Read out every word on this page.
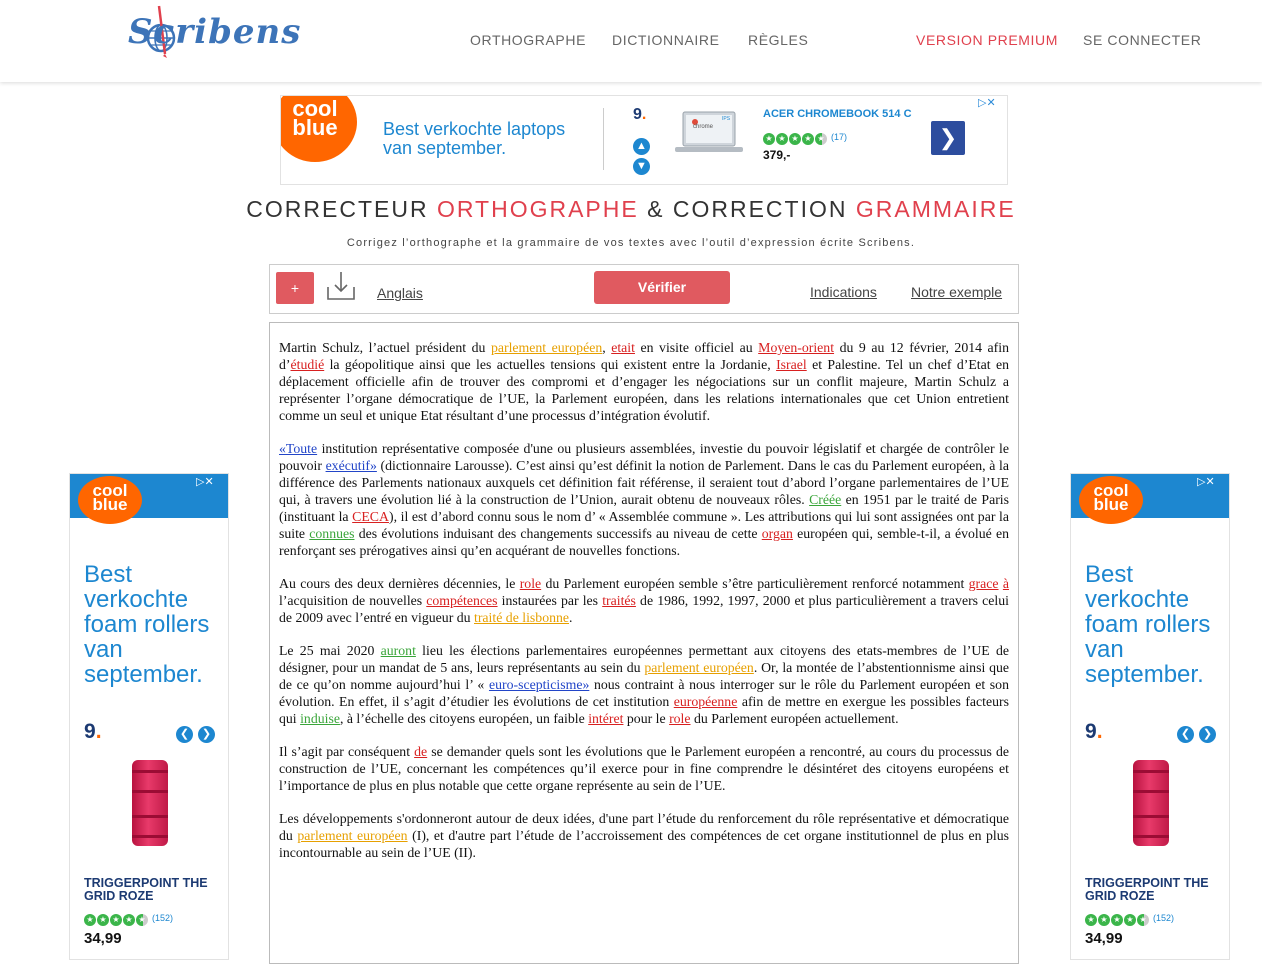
Scribens	ORTHOGRAPHE DICTIONNAIRE RÈGLES	VERSION PREMIUM SE CONNECTER
cool
blue	Best verkochte laptops van september.
9.
▲
▼
chrome
IPS	ACER CHROMEBOOK 514 C
★ ★ ★ ★ ★ (17)
379,-
❯
▷✕
CORRECTEUR ORTHOGRAPHE & CORRECTION GRAMMAIRE
Corrigez l’orthographe et la grammaire de vos textes avec l’outil d’expression écrite Scribens.
+	Anglais	Vérifier	Indications Notre exemple

Martin Schulz, l’actuel président du parlement européen, etait en visite officiel au Moyen-orient du 9 au 12 février, 2014 afin d’étudié la géopolitique ainsi que les actuelles tensions qui existent entre la Jordanie, Israel et Palestine. Tel un chef d’Etat en déplacement officielle afin de trouver des compromi et d’engager les négociations sur un conflit majeure, Martin Schulz a représenter l’organe démocratique de l’UE, la Parlement européen, dans les relations internationales que cet Union entretient comme un seul et unique Etat résultant d’une processus d’intégration évolutif.

«Toute institution représentative composée d'une ou plusieurs assemblées, investie du pouvoir législatif et chargée de contrôler le pouvoir exécutif» (dictionnaire Larousse). C’est ainsi qu’est définit la notion de Parlement. Dans le cas du Parlement européen, à la différence des Parlements nationaux auxquels cet définition fait référense, il seraient tout d’abord l’organe parlementaires de l’UE qui, à travers une évolution lié à la construction de l’Union, aurait obtenu de nouveaux rôles. Créée en 1951 par le traité de Paris (instituant la CECA), il est d’abord connu sous le nom d’ « Assemblée commune ». Les attributions qui lui sont assignées ont par la suite connues des évolutions induisant des changements successifs au niveau de cette organ européen qui, semble-t-il, a évolué en renforçant ses prérogatives ainsi qu’en acquérant de nouvelles fonctions.

Au cours des deux dernières décennies, le role du Parlement européen semble s’être particulièrement renforcé notamment grace à l’acquisition de nouvelles compétences instaurées par les traités de 1986, 1992, 1997, 2000 et plus particulièrement a travers celui de 2009 avec l’entré en vigueur du traité de lisbonne.

Le 25 mai 2020 auront lieu les élections parlementaires européennes permettant aux citoyens des etats-membres de l’UE de désigner, pour un mandat de 5 ans, leurs représentants au sein du parlement européen. Or, la montée de l’abstentionnisme ainsi que de ce qu’on nomme aujourd’hui l’ « euro-scepticisme» nous contraint à nous interroger sur le rôle du Parlement européen et son évolution. En effet, il s’agit d’étudier les évolutions de cet institution européenne afin de mettre en exergue les possibles facteurs qui induise, à l’échelle des citoyens européen, un faible intéret pour le role du Parlement européen actuellement.

Il s’agit par conséquent de se demander quels sont les évolutions que le Parlement européen a rencontré, au cours du processus de construction de l’UE, concernant les compétences qu’il exerce pour in fine comprendre le désintéret des citoyens européens et l’importance de plus en plus notable que cette organe représente au sein de l’UE.

Les développements s'ordonneront autour de deux idées, d'une part l’étude du renforcement du rôle représentative et démocratique du parlement européen (I), et d'autre part l’étude de l’accroissement des compétences de cet organe institutionnel de plus en plus incontournable au sein de l’UE (II).

cool
blue
▷✕
Best verkochte foam rollers van september.
9.	❮	❯
TRIGGERPOINT THE GRID ROZE
★ ★ ★ ★ ★ (152)
34,99
cool
blue
▷✕
Best verkochte foam rollers van september.
9.	❮	❯
TRIGGERPOINT THE GRID ROZE
★ ★ ★ ★ ★ (152)
34,99
